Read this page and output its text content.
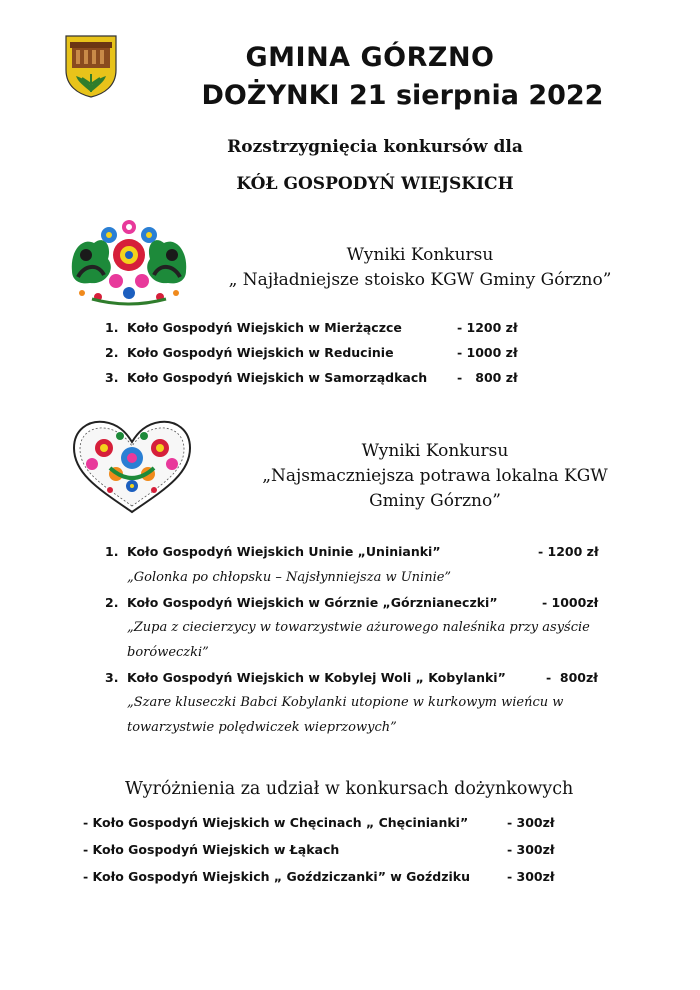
GMINA GÓRZNO
DOŻYNKI 21 sierpnia 2022
Rozstrzygnięcia konkursów dla
KÓŁ GOSPODYŃ WIEJSKICH
Wyniki Konkursu
„ Najładniejsze stoisko KGW Gminy Górzno”
1. Koło Gospodyń Wiejskich w Mierżączce	- 1200 zł
2. Koło Gospodyń Wiejskich w Reducinie	- 1000 zł
3. Koło Gospodyń Wiejskich w Samorządkach -   800 zł
Wyniki Konkursu
„Najsmaczniejsza potrawa lokalna KGW
Gminy Górzno”
1. Koło Gospodyń Wiejskich Uninie „Uninianki”	- 1200 zł
„Golonka po chłopsku – Najsłynniejsza w Uninie”
2. Koło Gospodyń Wiejskich w Górznie „Górznianeczki”	- 1000zł
„Zupa z ciecierzycy w towarzystwie ażurowego naleśnika przy asyście
boróweczki”
3. Koło Gospodyń Wiejskich w Kobylej Woli „ Kobylanki”	-  800zł
„Szare kluseczki Babci Kobylanki utopione w kurkowym wieńcu w
towarzystwie polędwiczek wieprzowych”
Wyróżnienia za udział w konkursach dożynkowych
- Koło Gospodyń Wiejskich w Chęcinach „ Chęcinianki”	- 300zł
- Koło Gospodyń Wiejskich w Łąkach	- 300zł
- Koło Gospodyń Wiejskich „ Goździczanki” w Goździku	- 300zł
